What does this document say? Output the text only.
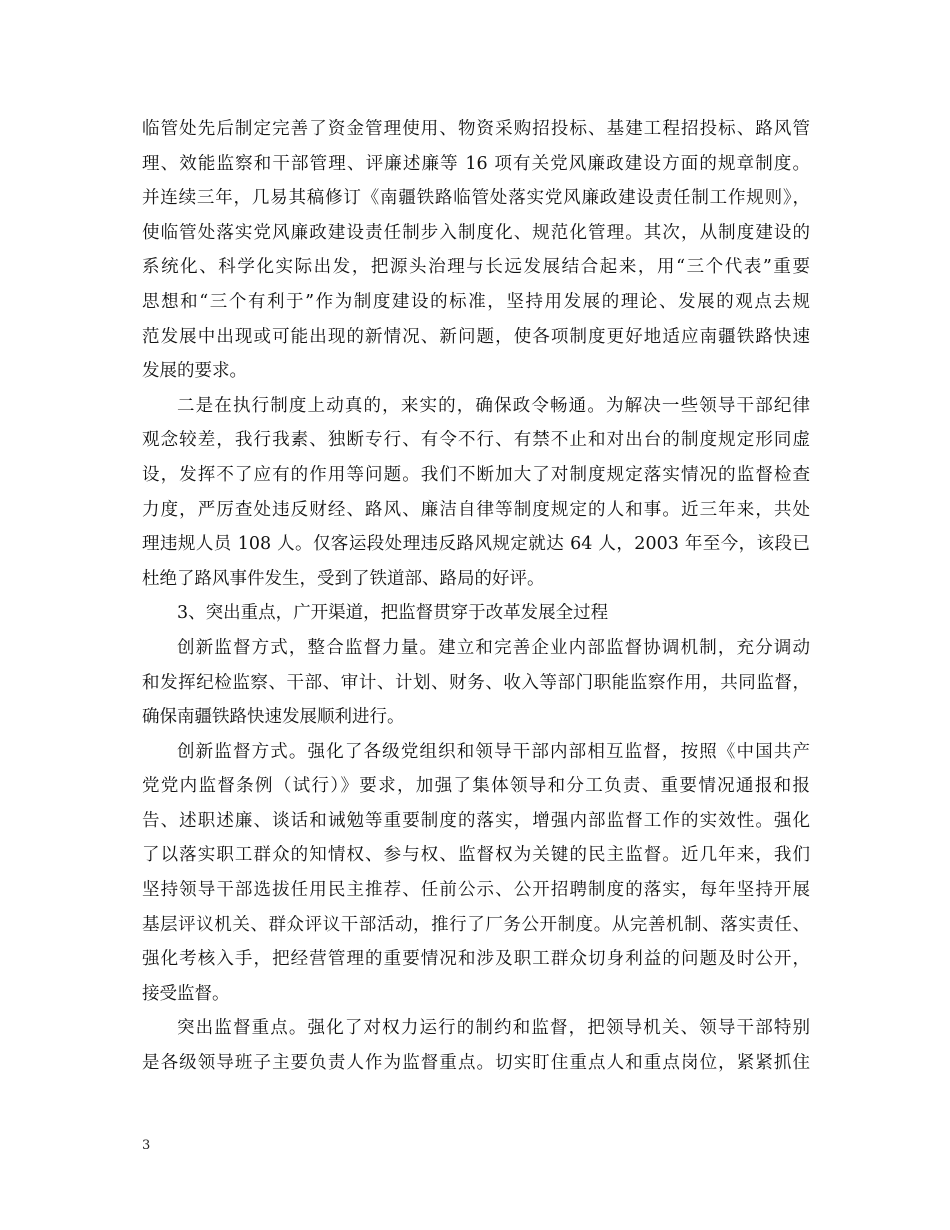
临管处先后制定完善了资金管理使用、物资采购招投标、基建工程招投标、路风管
理、效能监察和干部管理、评廉述廉等 16 项有关党风廉政建设方面的规章制度。
并连续三年，几易其稿修订《南疆铁路临管处落实党风廉政建设责任制工作规则》，
使临管处落实党风廉政建设责任制步入制度化、规范化管理。其次，从制度建设的
系统化、科学化实际出发，把源头治理与长远发展结合起来，用“三个代表”重要
思想和“三个有利于”作为制度建设的标准，坚持用发展的理论、发展的观点去规
范发展中出现或可能出现的新情况、新问题，使各项制度更好地适应南疆铁路快速
发展的要求。
二是在执行制度上动真的，来实的，确保政令畅通。为解决一些领导干部纪律
观念较差，我行我素、独断专行、有令不行、有禁不止和对出台的制度规定形同虚
设，发挥不了应有的作用等问题。我们不断加大了对制度规定落实情况的监督检查
力度，严厉查处违反财经、路风、廉洁自律等制度规定的人和事。近三年来，共处
理违规人员 108 人。仅客运段处理违反路风规定就达 64 人，2003 年至今，该段已
杜绝了路风事件发生，受到了铁道部、路局的好评。
3、突出重点，广开渠道，把监督贯穿于改革发展全过程
创新监督方式，整合监督力量。建立和完善企业内部监督协调机制，充分调动
和发挥纪检监察、干部、审计、计划、财务、收入等部门职能监察作用，共同监督，
确保南疆铁路快速发展顺利进行。
创新监督方式。强化了各级党组织和领导干部内部相互监督，按照《中国共产
党党内监督条例（试行）》要求，加强了集体领导和分工负责、重要情况通报和报
告、述职述廉、谈话和诫勉等重要制度的落实，增强内部监督工作的实效性。强化
了以落实职工群众的知情权、参与权、监督权为关键的民主监督。近几年来，我们
坚持领导干部选拔任用民主推荐、任前公示、公开招聘制度的落实，每年坚持开展
基层评议机关、群众评议干部活动，推行了厂务公开制度。从完善机制、落实责任、
强化考核入手，把经营管理的重要情况和涉及职工群众切身利益的问题及时公开，
接受监督。
突出监督重点。强化了对权力运行的制约和监督，把领导机关、领导干部特别
是各级领导班子主要负责人作为监督重点。切实盯住重点人和重点岗位，紧紧抓住
3
